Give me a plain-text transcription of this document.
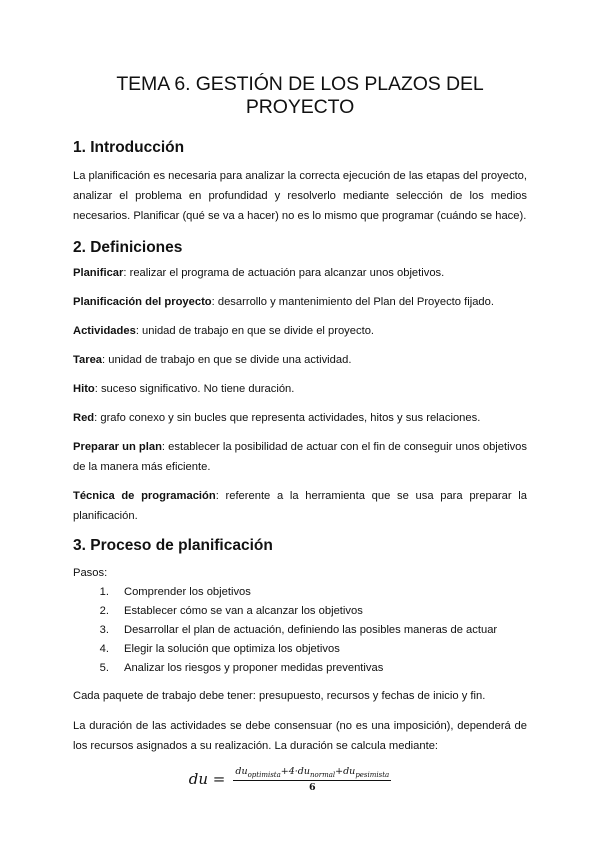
TEMA 6. GESTIÓN DE LOS PLAZOS DEL PROYECTO
1. Introducción

La planificación es necesaria para analizar la correcta ejecución de las etapas del proyecto, analizar el problema en profundidad y resolverlo mediante selección de los medios necesarios. Planificar (qué se va a hacer) no es lo mismo que programar (cuándo se hace).

2. Definiciones

Planificar: realizar el programa de actuación para alcanzar unos objetivos.

Planificación del proyecto: desarrollo y mantenimiento del Plan del Proyecto fijado.

Actividades: unidad de trabajo en que se divide el proyecto.

Tarea: unidad de trabajo en que se divide una actividad.

Hito: suceso significativo. No tiene duración.

Red: grafo conexo y sin bucles que representa actividades, hitos y sus relaciones.

Preparar un plan: establecer la posibilidad de actuar con el fin de conseguir unos objetivos de la manera más eficiente.

Técnica de programación: referente a la herramienta que se usa para preparar la planificación.

3. Proceso de planificación

Pasos:

1. Comprender los objetivos
2. Establecer cómo se van a alcanzar los objetivos
3. Desarrollar el plan de actuación, definiendo las posibles maneras de actuar
4. Elegir la solución que optimiza los objetivos
5. Analizar los riesgos y proponer medidas preventivas

Cada paquete de trabajo debe tener: presupuesto, recursos y fechas de inicio y fin.

La duración de las actividades se debe consensuar (no es una imposición), dependerá de los recursos asignados a su realización. La duración se calcula mediante:

du = $\frac{du_{optimista}+4\cdot du_{normal}+du_{pesimista}}{6}$
